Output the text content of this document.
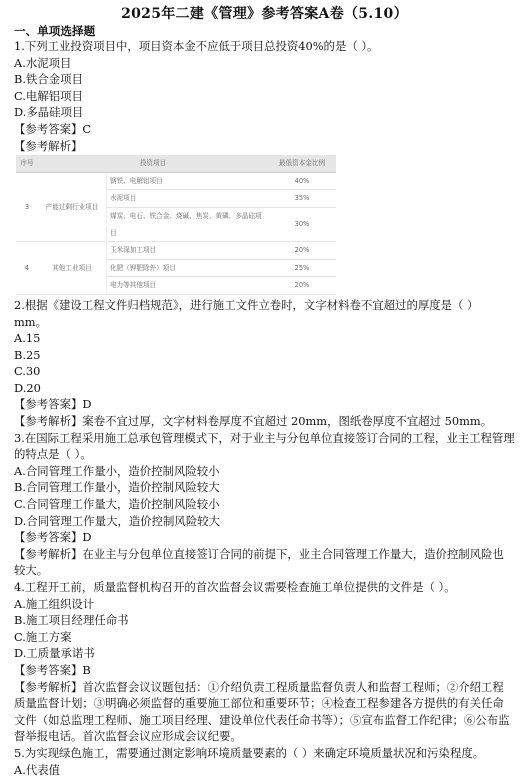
2025年二建《管理》参考答案A卷（5.10）
一、单项选择题

1.下列工业投资项目中，项目资本金不应低于项目总投资40%的是（ ）。

A.水泥项目

B.铁合金项目

C.电解铝项目

D.多晶硅项目

【参考答案】C

【参考解析】

序号	投资项目		最低资本金比例
3	产能过剩行业项目	钢铁、电解铝项目	40%
		水泥项目	35%
		煤炭、电石、铁合金、烧碱、焦炭、黄磷、多晶硅项目	30%
4	其他工业项目	玉米深加工项目	20%
		化肥（钾肥除外）项目	25%
		电力等其他项目	20%

2.根据《建设工程文件归档规范》，进行施工文件立卷时，文字材料卷不宜超过的厚度是（ ）

mm。

A.15

B.25

C.30

D.20

【参考答案】D

【参考解析】案卷不宜过厚，文字材料卷厚度不宜超过 20mm，图纸卷厚度不宜超过 50mm。

3.在国际工程采用施工总承包管理模式下，对于业主与分包单位直接签订合同的工程，业主工程管理的特点是（ ）。

A.合同管理工作量小，造价控制风险较小

B.合同管理工作量小，造价控制风险较大

C.合同管理工作量大，造价控制风险较小

D.合同管理工作量大，造价控制风险较大

【参考答案】D

【参考解析】在业主与分包单位直接签订合同的前提下，业主合同管理工作量大，造价控制风险也较大。

4.工程开工前，质量监督机构召开的首次监督会议需要检查施工单位提供的文件是（ ）。

A.施工组织设计

B.施工项目经理任命书

C.施工方案

D.工质量承诺书

【参考答案】B

【参考解析】首次监督会议议题包括：①介绍负责工程质量监督负责人和监督工程师；②介绍工程质量监督计划；③明确必须监督的重要施工部位和重要环节；④检查工程参建各方提供的有关任命文件（如总监理工程师、施工项目经理、建设单位代表任命书等）；⑤宣布监督工作纪律；⑥公布监督举报电话。首次监督会议应形成会议纪要。

5.为实现绿色施工，需要通过测定影响环境质量要素的（ ）来确定环境质量状况和污染程度。

A.代表值
